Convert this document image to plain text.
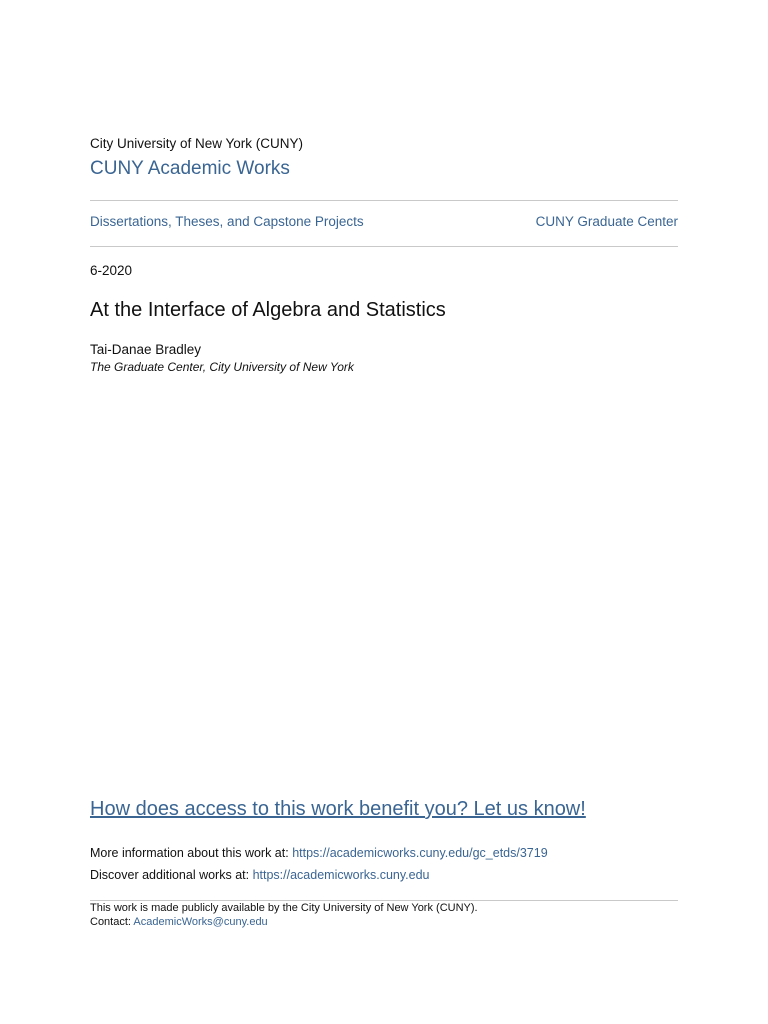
City University of New York (CUNY)
CUNY Academic Works
Dissertations, Theses, and Capstone Projects	CUNY Graduate Center
6-2020
At the Interface of Algebra and Statistics
Tai-Danae Bradley
The Graduate Center, City University of New York
How does access to this work benefit you? Let us know!
More information about this work at: https://academicworks.cuny.edu/gc_etds/3719
Discover additional works at: https://academicworks.cuny.edu
This work is made publicly available by the City University of New York (CUNY).
Contact: AcademicWorks@cuny.edu
